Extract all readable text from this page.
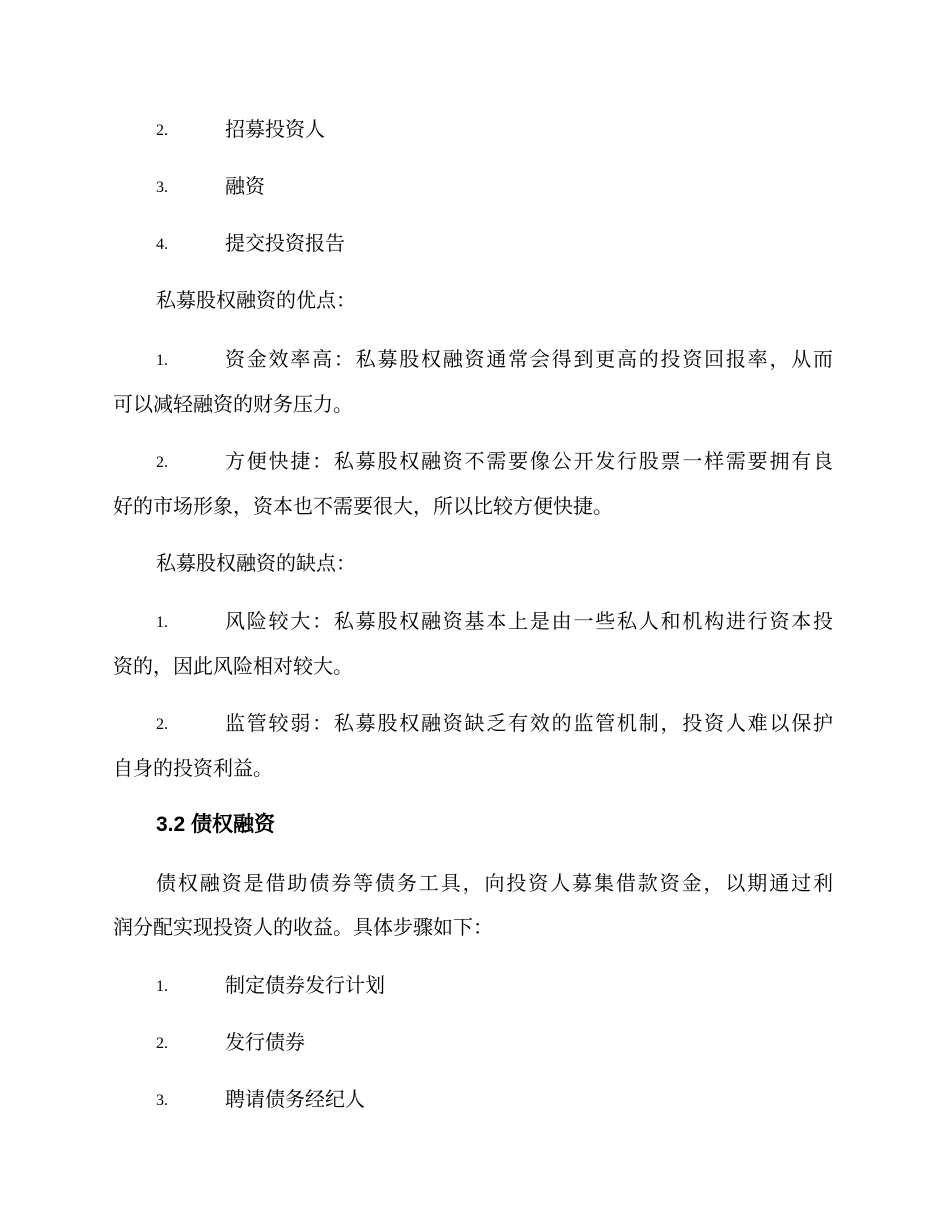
2.	招募投资人
3.	融资
4.	提交投资报告
私募股权融资的优点：
1.	资金效率高：私募股权融资通常会得到更高的投资回报率，从而
可以减轻融资的财务压力。
2.	方便快捷：私募股权融资不需要像公开发行股票一样需要拥有良
好的市场形象，资本也不需要很大，所以比较方便快捷。
私募股权融资的缺点：
1.	风险较大：私募股权融资基本上是由一些私人和机构进行资本投
资的，因此风险相对较大。
2.	监管较弱：私募股权融资缺乏有效的监管机制，投资人难以保护
自身的投资利益。
3.2 债权融资
债权融资是借助债券等债务工具，向投资人募集借款资金，以期通过利
润分配实现投资人的收益。具体步骤如下：
1.	制定债券发行计划
2.	发行债券
3.	聘请债务经纪人
